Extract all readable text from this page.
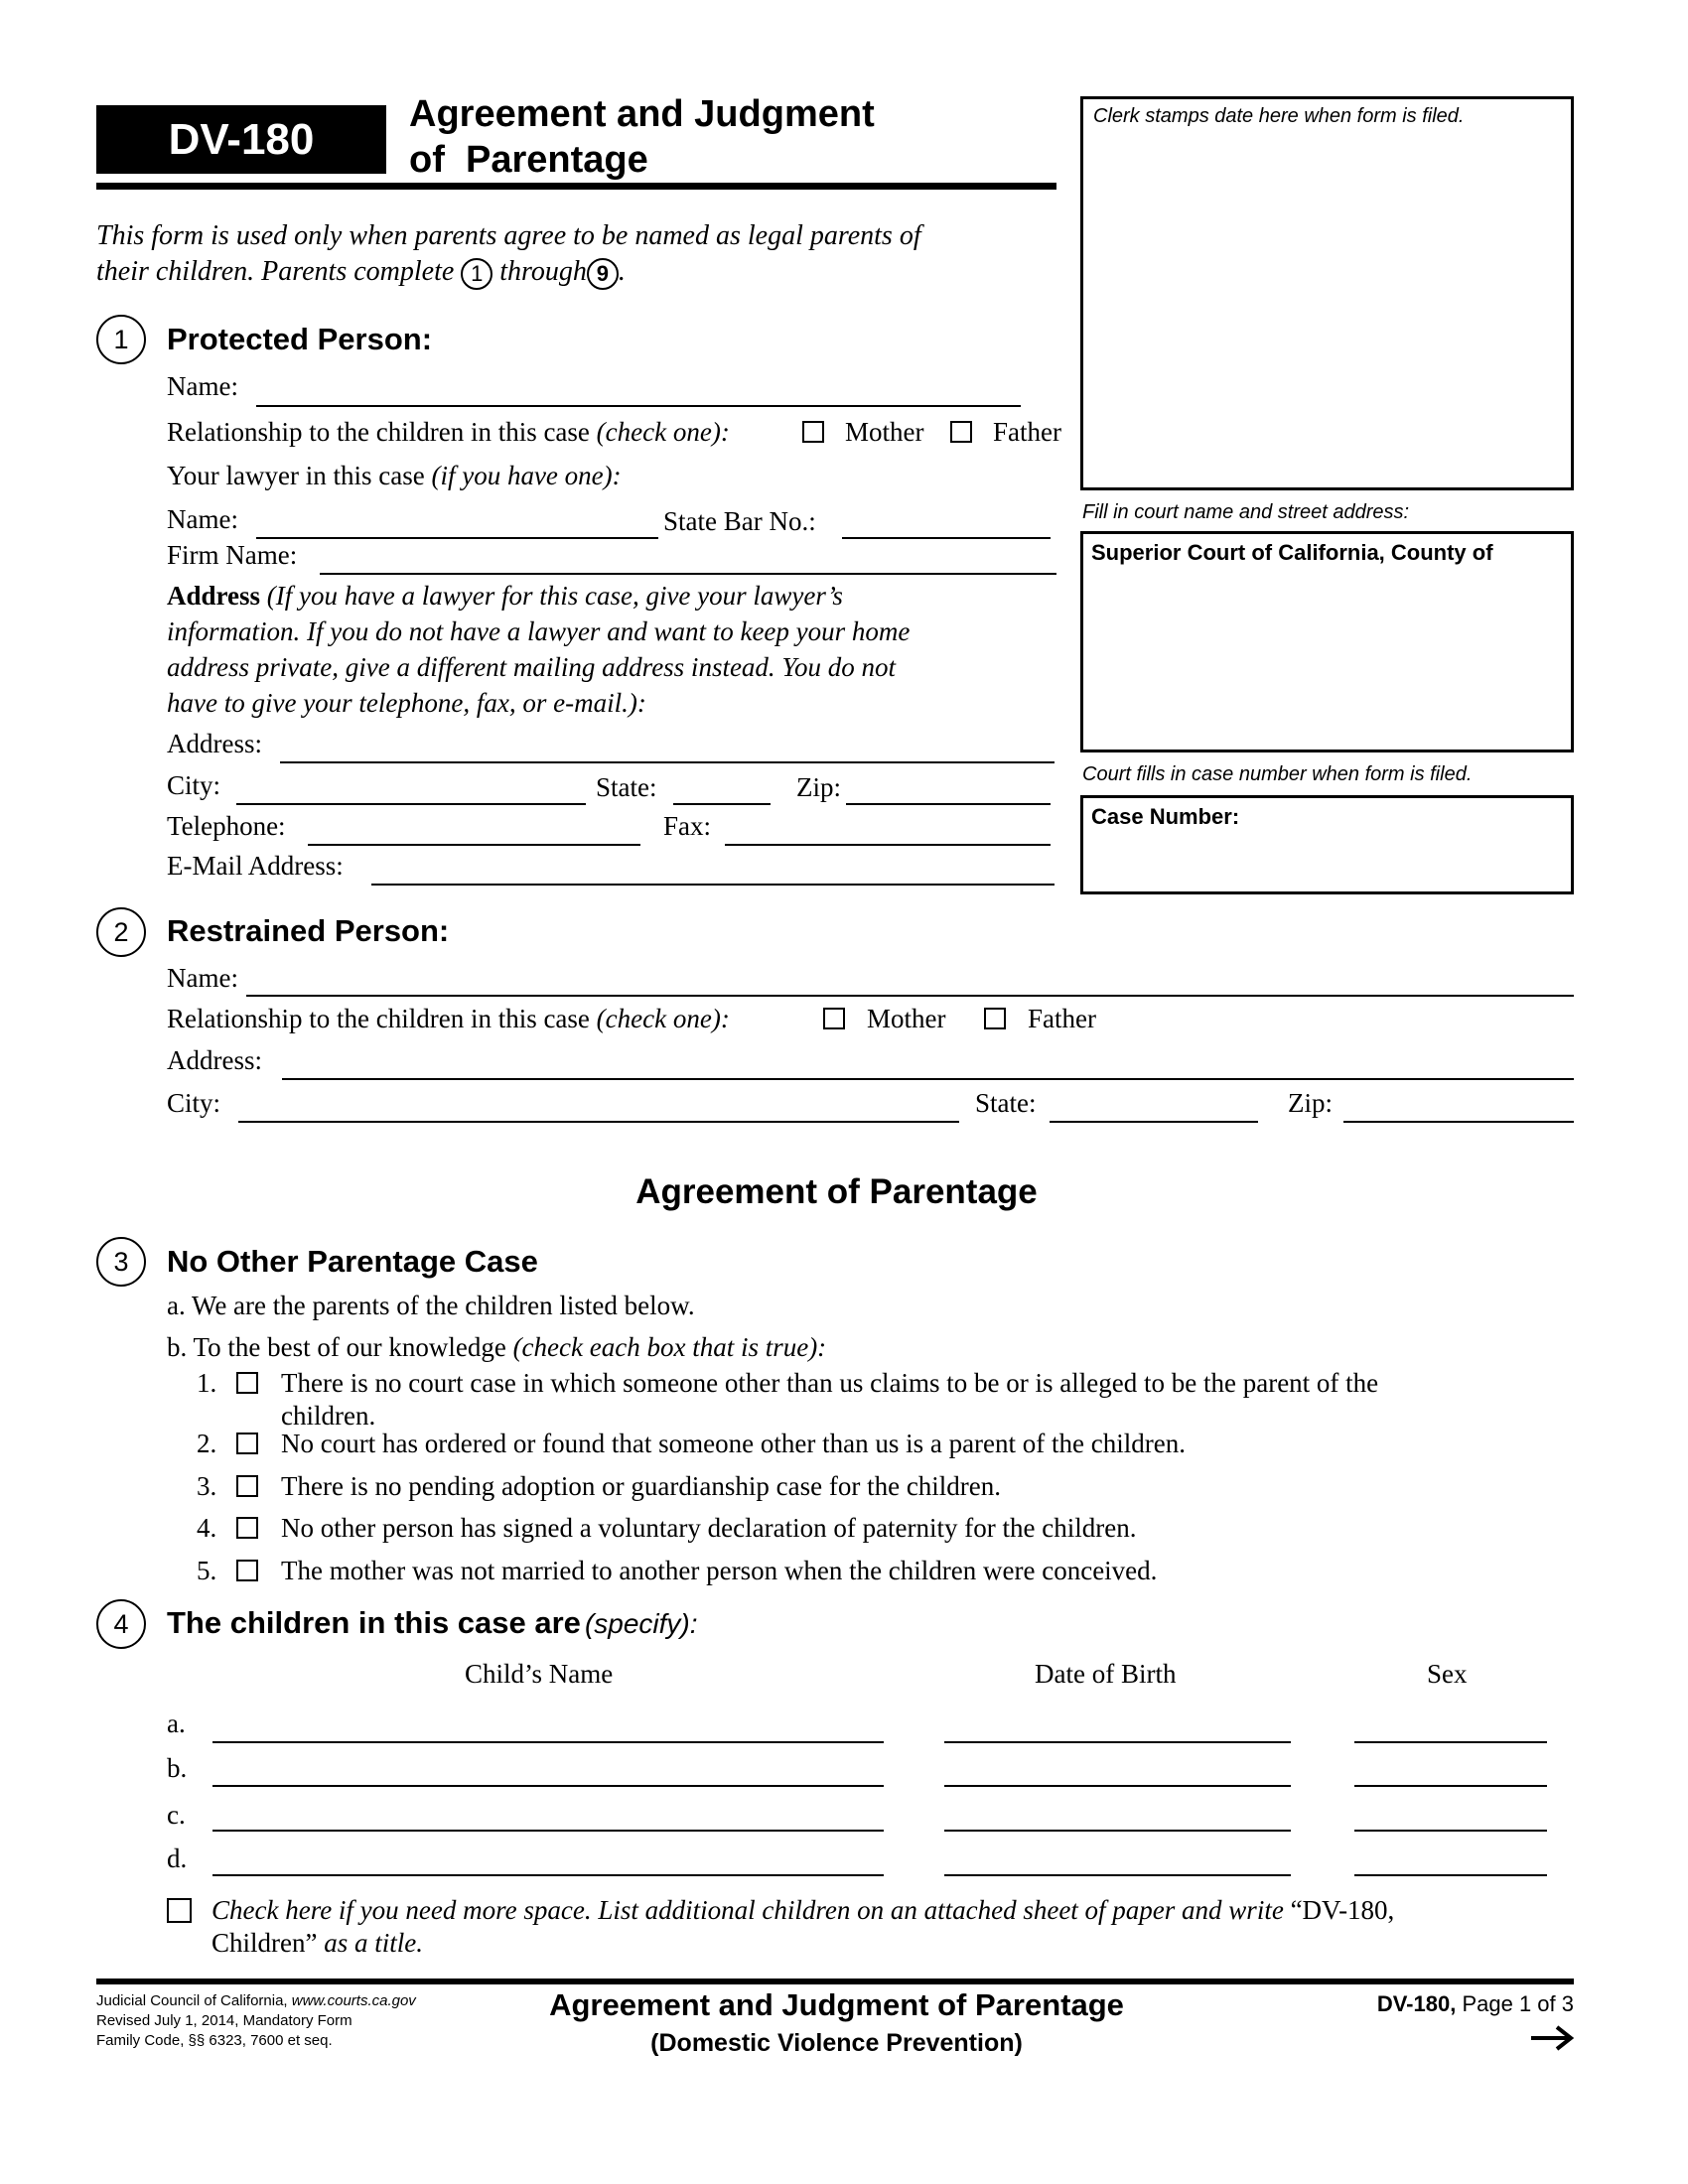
DV-180
Agreement and Judgment
of  Parentage
Clerk stamps date here when form is filed.
Fill in court name and street address:
Superior Court of California, County of
Court fills in case number when form is filed.
Case Number:
This form is used only when parents agree to be named as legal parents of
their children. Parents complete 1 through 9 .
1	Protected Person:
Name:
Relationship to the children in this case (check one):	Mother	Father
Your lawyer in this case (if you have one):
Name:	State Bar No.:
Firm Name:
Address (If you have a lawyer for this case, give your lawyer’s
information. If you do not have a lawyer and want to keep your home
address private, give a different mailing address instead. You do not
have to give your telephone, fax, or e-mail.):
Address:
City:	State:	Zip:
Telephone:	Fax:
E-Mail Address:
2	Restrained Person:
Name:
Relationship to the children in this case (check one):	Mother	Father
Address:
City:	State:	Zip:
Agreement of Parentage
3	No Other Parentage Case
a. We are the parents of the children listed below.
b. To the best of our knowledge (check each box that is true):
1. There is no court case in which someone other than us claims to be or is alleged to be the parent of the
children.
2. No court has ordered or found that someone other than us is a parent of the children.
3. There is no pending adoption or guardianship case for the children.
4. No other person has signed a voluntary declaration of paternity for the children.
5. The mother was not married to another person when the children were conceived.
4	The children in this case are (specify):
Child’s Name	Date of Birth	Sex
a.
b.
c.
d.
Check here if you need more space. List additional children on an attached sheet of paper and write “DV-180,
Children” as a title.
Judicial Council of California, www.courts.ca.gov
Revised July 1, 2014, Mandatory Form
Family Code, §§ 6323, 7600 et seq.
Agreement and Judgment of Parentage
(Domestic Violence Prevention)
DV-180, Page 1 of 3
